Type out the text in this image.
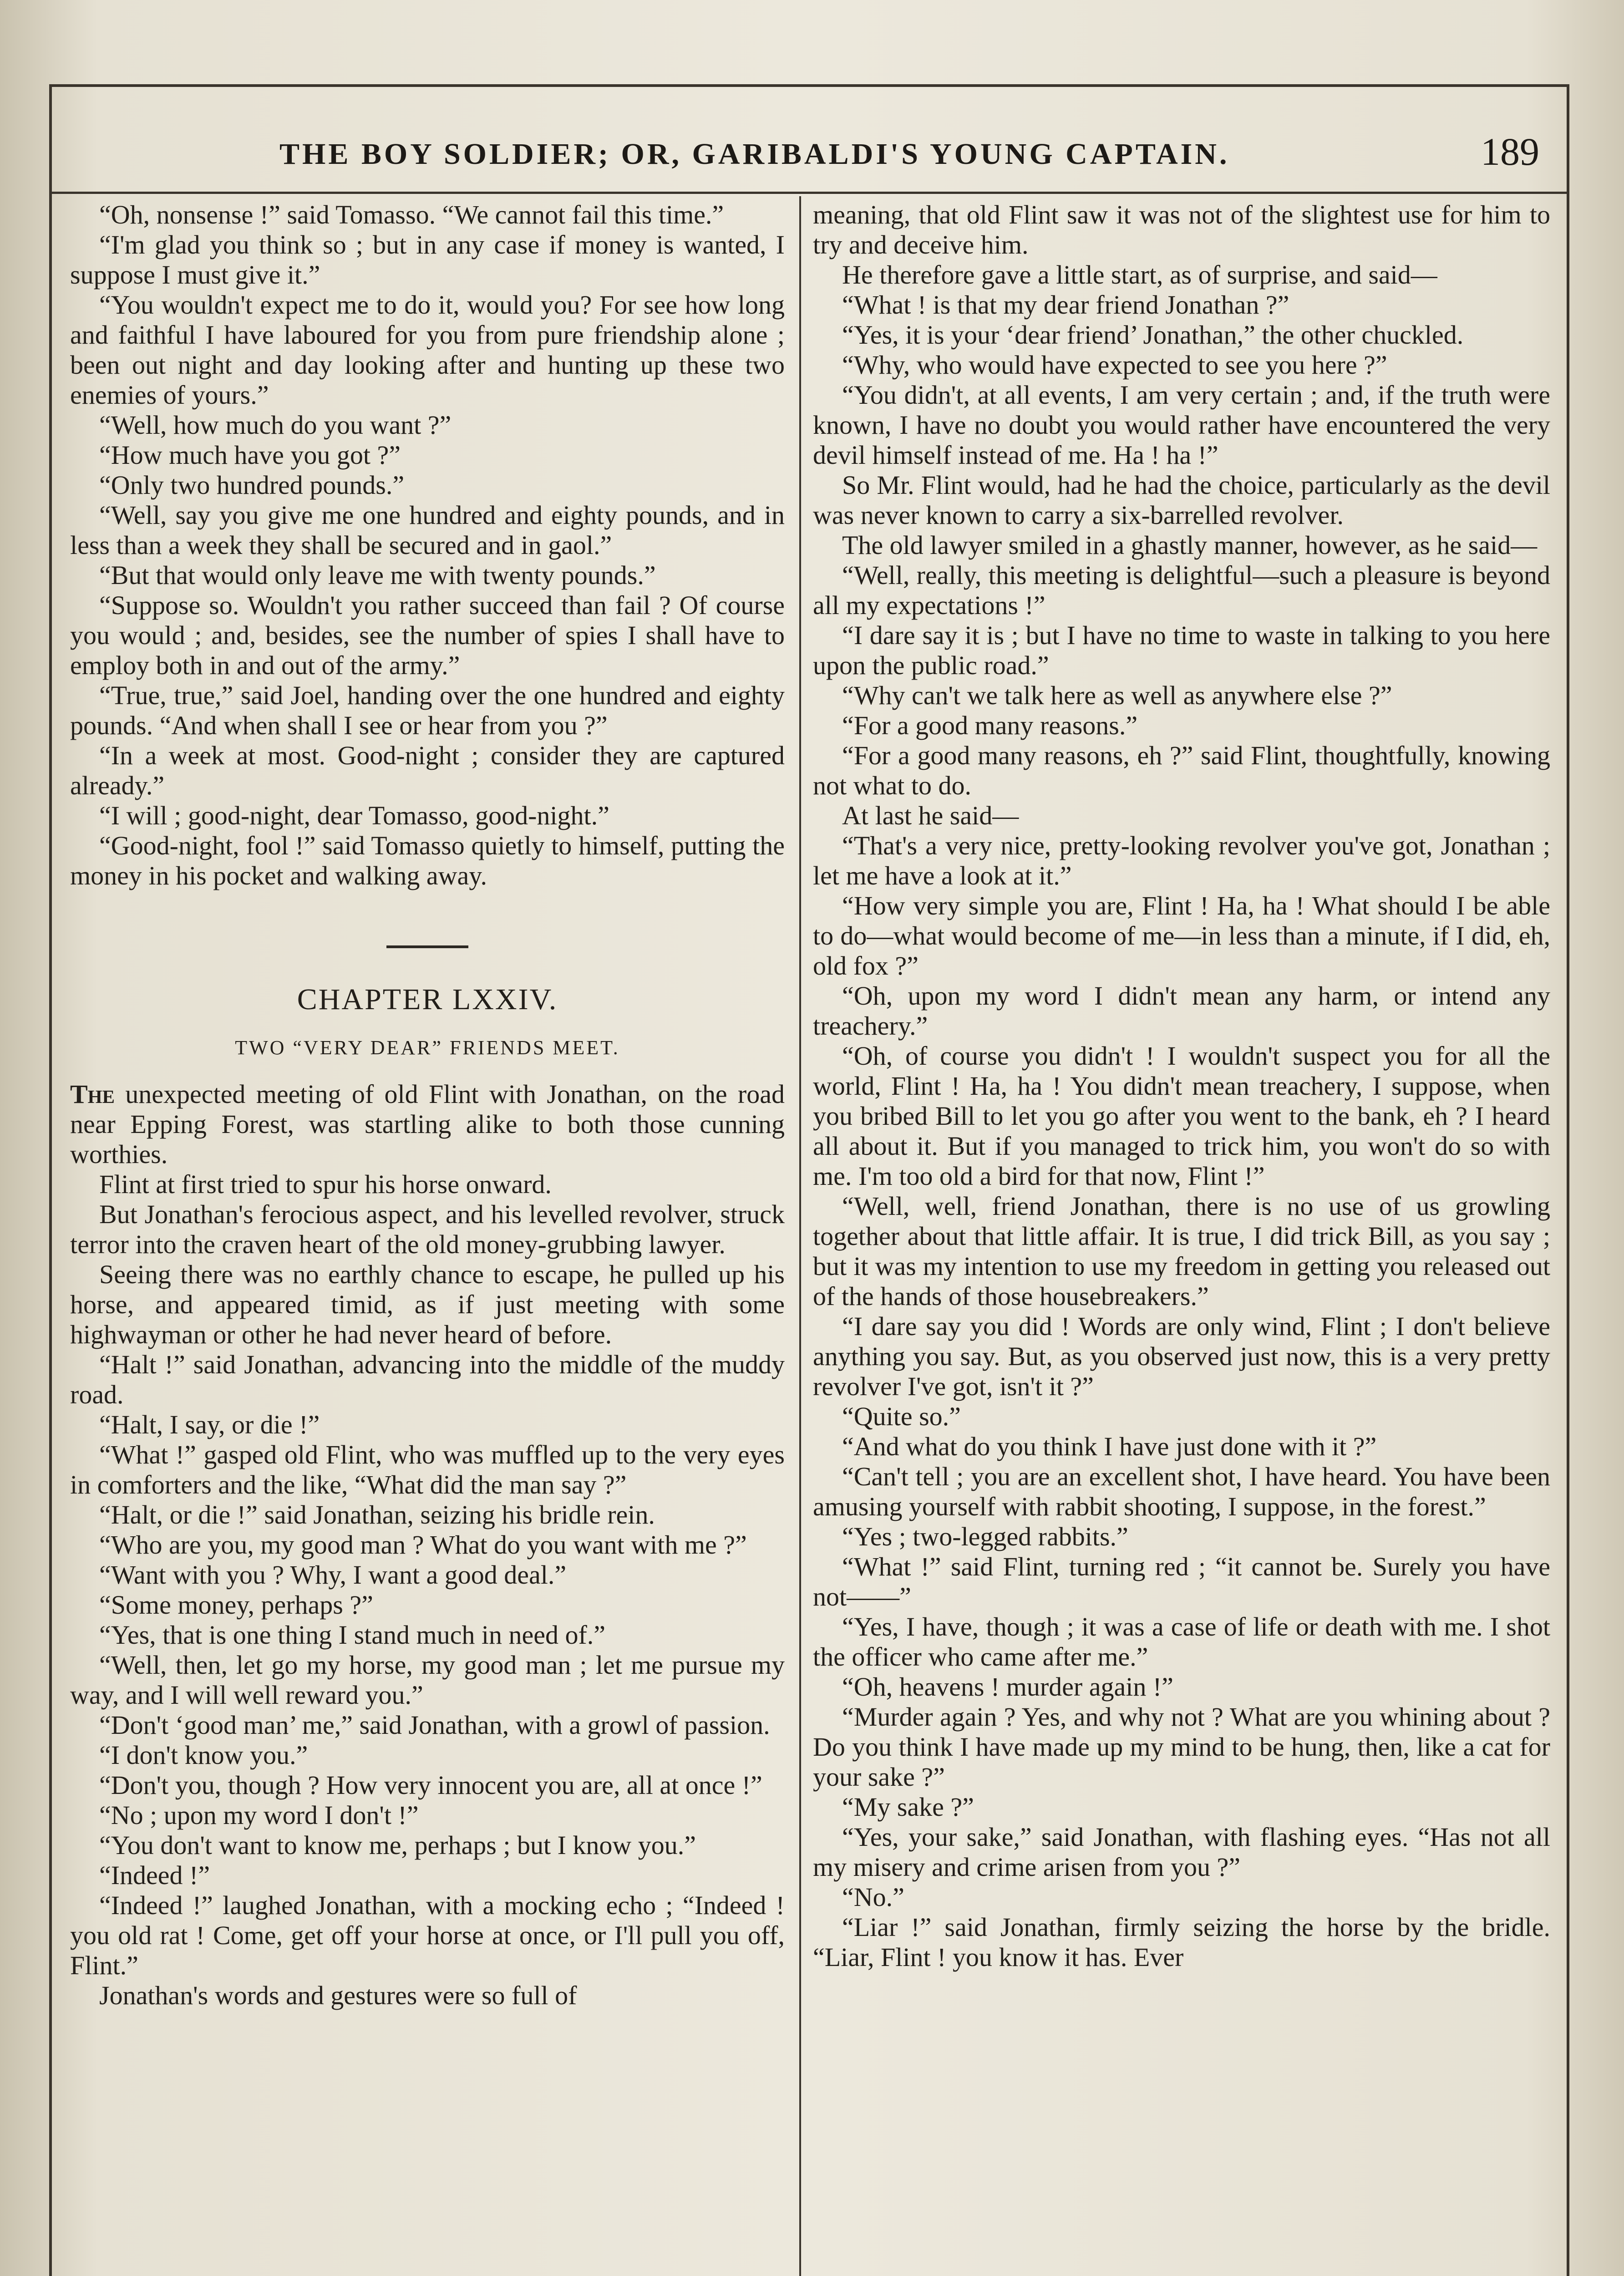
THE BOY SOLDIER; OR, GARIBALDI'S YOUNG CAPTAIN.	189

“Oh, nonsense !” said Tomasso. “We cannot fail this time.”

“I'm glad you think so ; but in any case if money is wanted, I suppose I must give it.”

“You wouldn't expect me to do it, would you? For see how long and faithful I have laboured for you from pure friendship alone ; been out night and day looking after and hunting up these two enemies of yours.”

“Well, how much do you want ?”

“How much have you got ?”

“Only two hundred pounds.”

“Well, say you give me one hundred and eighty pounds, and in less than a week they shall be secured and in gaol.”

“But that would only leave me with twenty pounds.”

“Suppose so. Wouldn't you rather succeed than fail ? Of course you would ; and, besides, see the number of spies I shall have to employ both in and out of the army.”

“True, true,” said Joel, handing over the one hundred and eighty pounds. “And when shall I see or hear from you ?”

“In a week at most. Good-night ; consider they are captured already.”

“I will ; good-night, dear Tomasso, good-night.”

“Good-night, fool !” said Tomasso quietly to himself, putting the money in his pocket and walking away.

CHAPTER LXXIV.
TWO “VERY DEAR” FRIENDS MEET.

The unexpected meeting of old Flint with Jonathan, on the road near Epping Forest, was startling alike to both those cunning worthies.

Flint at first tried to spur his horse onward.

But Jonathan's ferocious aspect, and his levelled revolver, struck terror into the craven heart of the old money-grubbing lawyer.

Seeing there was no earthly chance to escape, he pulled up his horse, and appeared timid, as if just meeting with some highwayman or other he had never heard of before.

“Halt !” said Jonathan, advancing into the middle of the muddy road.

“Halt, I say, or die !”

“What !” gasped old Flint, who was muffled up to the very eyes in comforters and the like, “What did the man say ?”

“Halt, or die !” said Jonathan, seizing his bridle rein.

“Who are you, my good man ? What do you want with me ?”

“Want with you ? Why, I want a good deal.”

“Some money, perhaps ?”

“Yes, that is one thing I stand much in need of.”

“Well, then, let go my horse, my good man ; let me pursue my way, and I will well reward you.”

“Don't ‘good man’ me,” said Jonathan, with a growl of passion.

“I don't know you.”

“Don't you, though ? How very innocent you are, all at once !”

“No ; upon my word I don't !”

“You don't want to know me, perhaps ; but I know you.”

“Indeed !”

“Indeed !” laughed Jonathan, with a mocking echo ; “Indeed ! you old rat ! Come, get off your horse at once, or I'll pull you off, Flint.”

Jonathan's words and gestures were so full of

meaning, that old Flint saw it was not of the slightest use for him to try and deceive him.

He therefore gave a little start, as of surprise, and said—

“What ! is that my dear friend Jonathan ?”

“Yes, it is your ‘dear friend’ Jonathan,” the other chuckled.

“Why, who would have expected to see you here ?”

“You didn't, at all events, I am very certain ; and, if the truth were known, I have no doubt you would rather have encountered the very devil himself instead of me. Ha ! ha !”

So Mr. Flint would, had he had the choice, particularly as the devil was never known to carry a six-barrelled revolver.

The old lawyer smiled in a ghastly manner, however, as he said—

“Well, really, this meeting is delightful—such a pleasure is beyond all my expectations !”

“I dare say it is ; but I have no time to waste in talking to you here upon the public road.”

“Why can't we talk here as well as anywhere else ?”

“For a good many reasons.”

“For a good many reasons, eh ?” said Flint, thoughtfully, knowing not what to do.

At last he said—

“That's a very nice, pretty-looking revolver you've got, Jonathan ; let me have a look at it.”

“How very simple you are, Flint ! Ha, ha ! What should I be able to do—what would become of me—in less than a minute, if I did, eh, old fox ?”

“Oh, upon my word I didn't mean any harm, or intend any treachery.”

“Oh, of course you didn't ! I wouldn't suspect you for all the world, Flint ! Ha, ha ! You didn't mean treachery, I suppose, when you bribed Bill to let you go after you went to the bank, eh ? I heard all about it. But if you managed to trick him, you won't do so with me. I'm too old a bird for that now, Flint !”

“Well, well, friend Jonathan, there is no use of us growling together about that little affair. It is true, I did trick Bill, as you say ; but it was my intention to use my freedom in getting you released out of the hands of those housebreakers.”

“I dare say you did ! Words are only wind, Flint ; I don't believe anything you say. But, as you observed just now, this is a very pretty revolver I've got, isn't it ?”

“Quite so.”

“And what do you think I have just done with it ?”

“Can't tell ; you are an excellent shot, I have heard. You have been amusing yourself with rabbit shooting, I suppose, in the forest.”

“Yes ; two-legged rabbits.”

“What !” said Flint, turning red ; “it cannot be. Surely you have not——”

“Yes, I have, though ; it was a case of life or death with me. I shot the officer who came after me.”

“Oh, heavens ! murder again !”

“Murder again ? Yes, and why not ? What are you whining about ? Do you think I have made up my mind to be hung, then, like a cat for your sake ?”

“My sake ?”

“Yes, your sake,” said Jonathan, with flashing eyes. “Has not all my misery and crime arisen from you ?”

“No.”

“Liar !” said Jonathan, firmly seizing the horse by the bridle. “Liar, Flint ! you know it has. Ever
